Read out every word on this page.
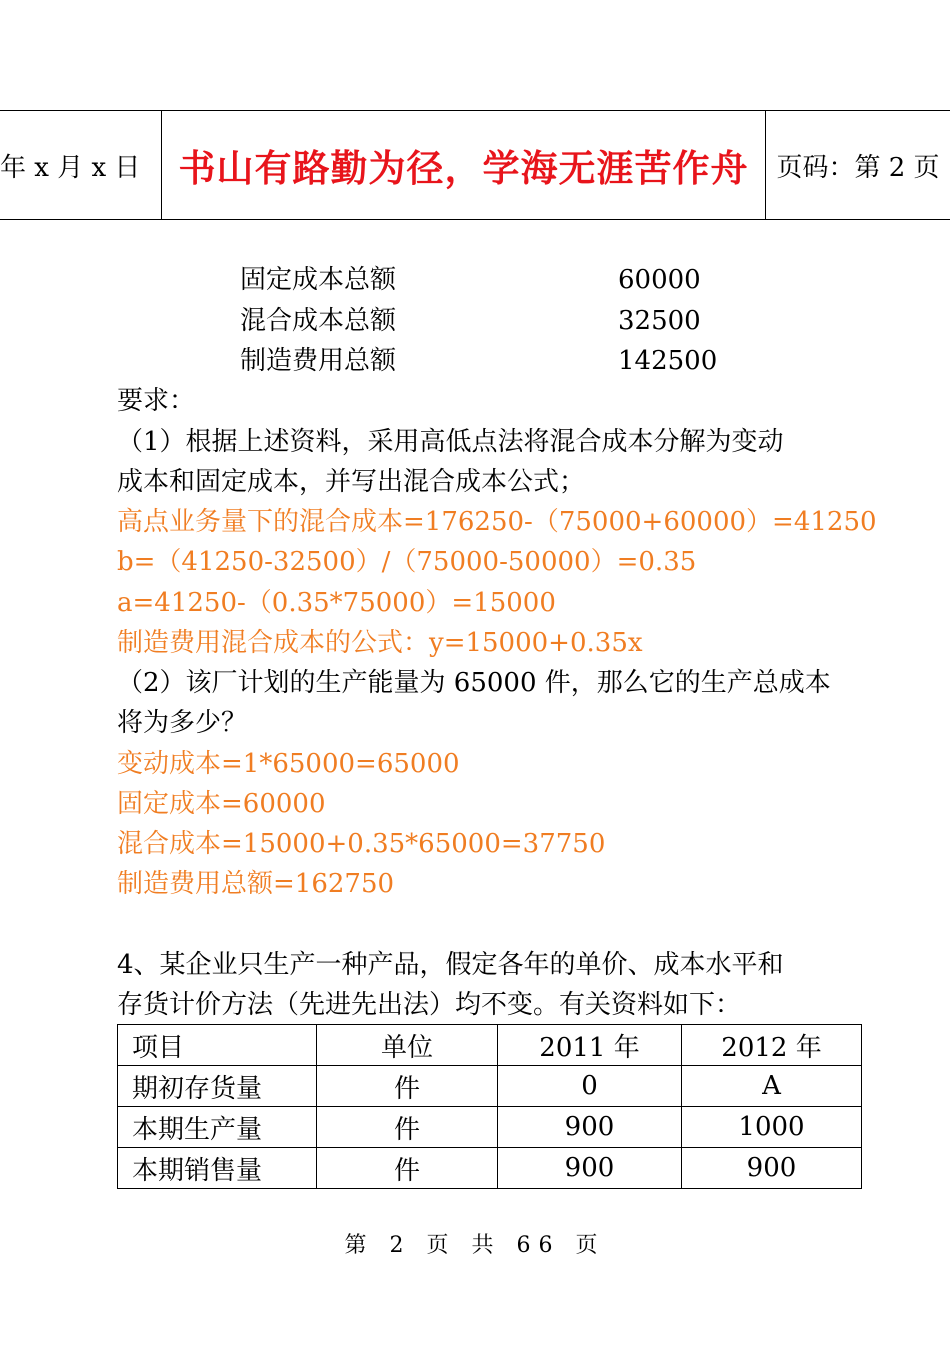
年 x 月 x 日	书山有路勤为径，学海无涯苦作舟	页码：第 2 页
固定成本总额	60000
混合成本总额	32500
制造费用总额	142500
要求：
（1）根据上述资料，采用高低点法将混合成本分解为变动
成本和固定成本，并写出混合成本公式；
高点业务量下的混合成本=176250-（75000+60000）=41250
b=（41250-32500）/（75000-50000）=0.35
a=41250-（0.35*75000）=15000
制造费用混合成本的公式：y=15000+0.35x
（2）该厂计划的生产能量为 65000 件，那么它的生产总成本
将为多少？
变动成本=1*65000=65000
固定成本=60000
混合成本=15000+0.35*65000=37750
制造费用总额=162750
4、某企业只生产一种产品，假定各年的单价、成本水平和
存货计价方法（先进先出法）均不变。有关资料如下：
项目	单位	2011 年	2012 年
期初存货量	件	0	A
本期生产量	件	900	1000
本期销售量	件	900	900
第 2 页 共 66 页
